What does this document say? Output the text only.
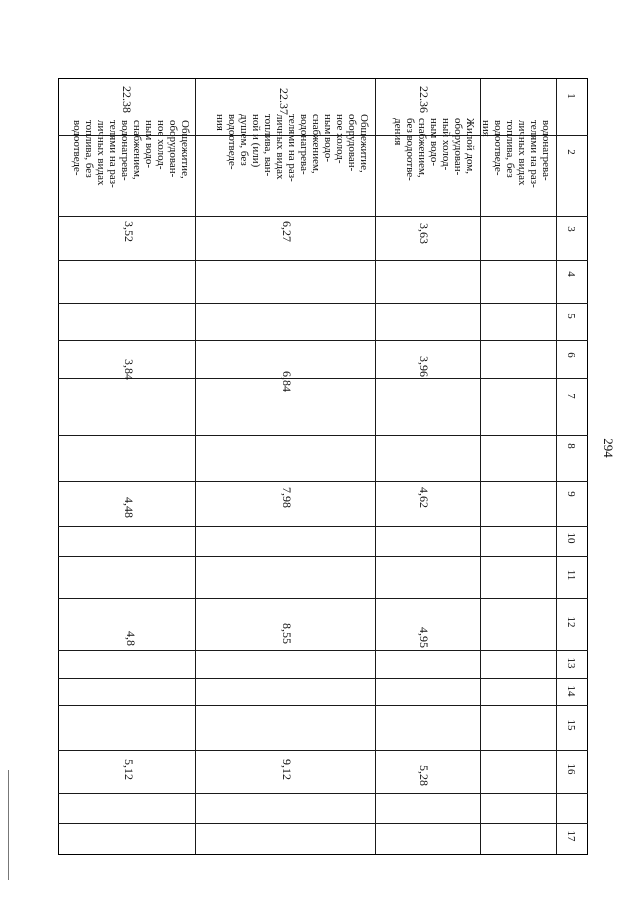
294
1
2
3
4
5
6
7
8
9
10
11
12
13
14
15
16
17
водонагрева-
телями на раз-
личных видах
топлива, без
водоотведе-
ния
22.36
Жилой дом,
оборудован-
ный холод-
ным водо-
снабжением,
без водоотве-
дения
3,63
3,96
4,62
4,95
5,28
22.37
Общежитие,
оборудован-
ное холод-
ным водо-
снабжением,
водонагрева-
телями на раз-
личных видах
топлива, ван-
ной и (или)
душем, без
водоотведе-
ния
6,27
6,84
7,98
8,55
9,12
22.38
Общежитие,
оборудован-
ное холод-
ным водо-
снабжением,
водонагрева-
телями на раз-
личных видах
топлива, без
водоотведе-
3,52
3,84
4,48
4,8
5,12
